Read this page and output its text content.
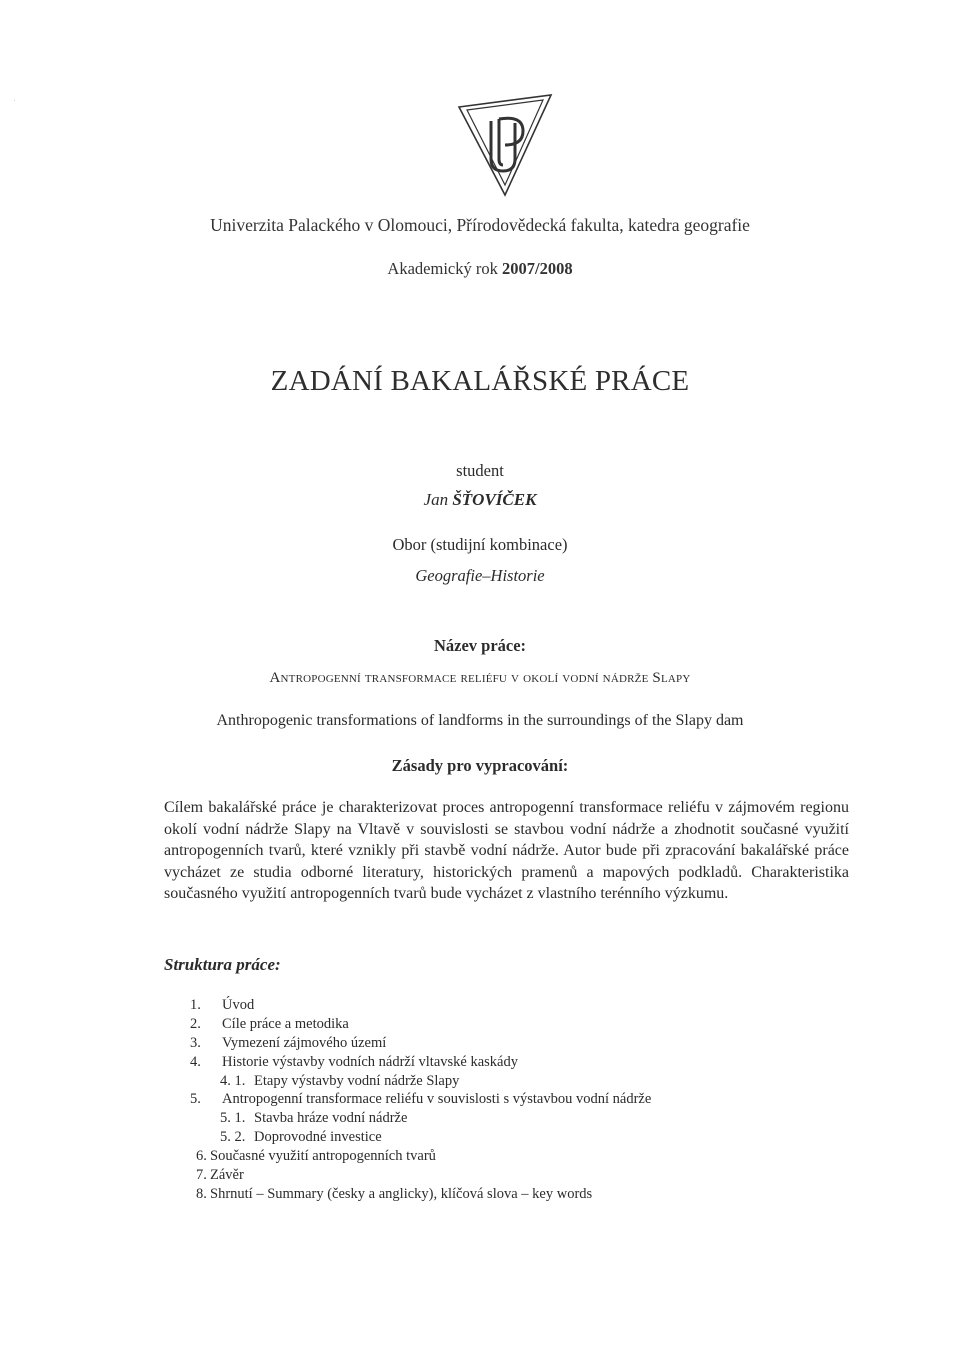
Univerzita Palackého v Olomouci, Přírodovědecká fakulta, katedra geografie
Akademický rok 2007/2008
ZADÁNÍ BAKALÁŘSKÉ PRÁCE
student
Jan ŠŤOVÍČEK
Obor (studijní kombinace)
Geografie–Historie
Název práce:
Antropogenní transformace reliéfu v okolí vodní nádrže Slapy
Anthropogenic transformations of landforms in the surroundings of the Slapy dam
Zásady pro vypracování:
Cílem bakalářské práce je charakterizovat proces antropogenní transformace reliéfu v zájmovém regionu okolí vodní nádrže Slapy na Vltavě v souvislosti se stavbou vodní nádrže a zhodnotit současné využití antropogenních tvarů, které vznikly při stavbě vodní nádrže. Autor bude při zpracování bakalářské práce vycházet ze studia odborné literatury, historických pramenů a mapových podkladů. Charakteristika současného využití antropogenních tvarů bude vycházet z vlastního terénního výzkumu.
Struktura práce:
1.	Úvod
2.	Cíle práce a metodika
3.	Vymezení zájmového území
4.	Historie výstavby vodních nádrží vltavské kaskády
4. 1. Etapy výstavby vodní nádrže Slapy
5.	Antropogenní transformace reliéfu v souvislosti s výstavbou vodní nádrže
5. 1. Stavba hráze vodní nádrže
5. 2. Doprovodné investice
6. Současné využití antropogenních tvarů
7. Závěr
8. Shrnutí – Summary (česky a anglicky), klíčová slova – key words
